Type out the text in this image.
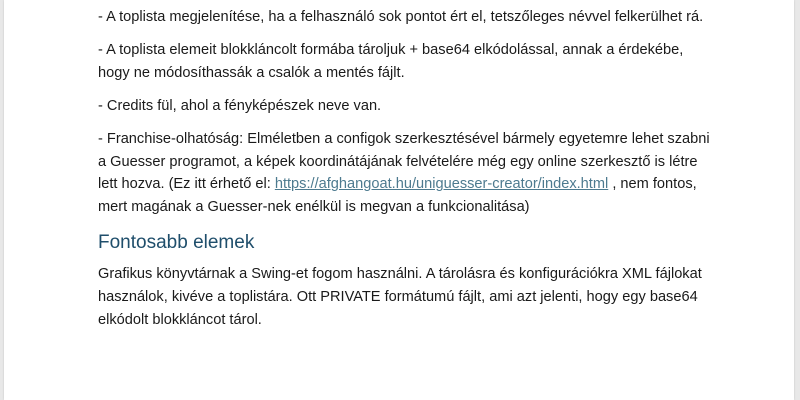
- A toplista megjelenítése, ha a felhasználó sok pontot ért el, tetszőleges névvel felkerülhet rá.

- A toplista elemeit blokkláncolt formába tároljuk + base64 elkódolással, annak a érdekébe, hogy ne módosíthassák a csalók a mentés fájlt.

- Credits fül, ahol a fényképészek neve van.

- Franchise-olhatóság: Elméletben a configok szerkesztésével bármely egyetemre lehet szabni a Guesser programot, a képek koordinátájának felvételére még egy online szerkesztő is létre lett hozva. (Ez itt érhető el: https://afghangoat.hu/uniguesser-creator/index.html , nem fontos, mert magának a Guesser-nek enélkül is megvan a funkcionalitása)

Fontosabb elemek

Grafikus könyvtárnak a Swing-et fogom használni. A tárolásra és konfigurációkra XML fájlokat használok, kivéve a toplistára. Ott PRIVATE formátumú fájlt, ami azt jelenti, hogy egy base64 elkódolt blokkláncot tárol.
